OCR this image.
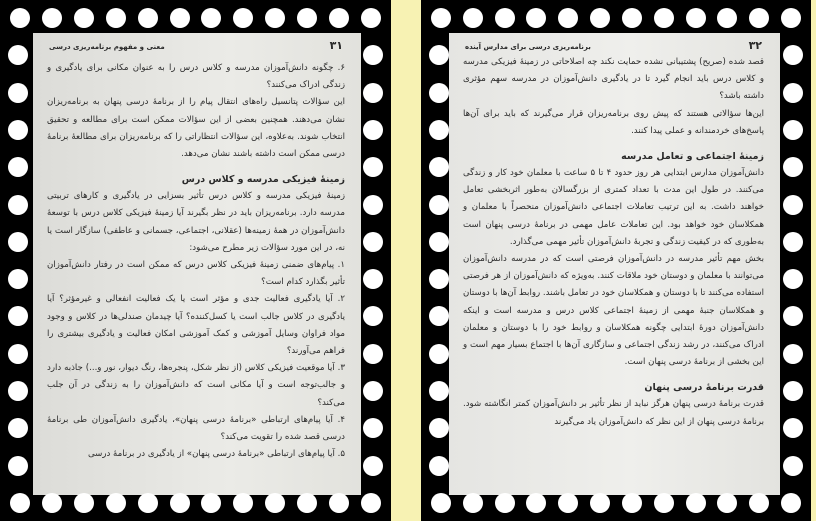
۳۱
معنی و مفهوم برنامه‌ریزی درسی

۶. چگونه دانش‌آموزان مدرسه و کلاس درس را به عنوان مکانی برای یادگیری و زندگی ادراک می‌کنند؟

این سؤالات پتانسیل راه‌های انتقال پیام را از برنامهٔ درسی پنهان به برنامه‌ریزان نشان می‌دهند. همچنین بعضی از این سؤالات ممکن است برای مطالعه و تحقیق انتخاب شوند. به‌علاوه، این سؤالات انتظاراتی را که برنامه‌ریزان برای مطالعهٔ برنامهٔ درسی ممکن است داشته باشند نشان می‌دهد.

زمینهٔ فیزیکی مدرسه و کلاس درس

زمینهٔ فیزیکی مدرسه و کلاس درس تأثیر بسزایی در یادگیری و کارهای تربیتی مدرسه دارد. برنامه‌ریزان باید در نظر بگیرند آیا زمینهٔ فیزیکی کلاس درس با توسعهٔ دانش‌آموزان در همهٔ زمینه‌ها (عقلانی، اجتماعی، جسمانی و عاطفی) سازگار است یا نه، در این مورد سؤالات زیر مطرح می‌شود:

۱. پیام‌های ضمنی زمینهٔ فیزیکی کلاس درس که ممکن است در رفتار دانش‌آموزان تأثیر بگذارد کدام است؟

۲. آیا یادگیری فعالیت جدی و مؤثر است یا یک فعالیت انفعالی و غیرمؤثر؟ آیا یادگیری در کلاس جالب است یا کسل‌کننده؟ آیا چیدمان صندلی‌ها در کلاس و وجود مواد فراوان وسایل آموزشی و کمک آموزشی امکان فعالیت و یادگیری بیشتری را فراهم می‌آورند؟

۳. آیا موقعیت فیزیکی کلاس (از نظر شکل، پنجره‌ها، رنگ دیوار، نور و...) جاذبه دارد و جالب‌توجه است و آیا مکانی است که دانش‌آموزان را به زندگی در آن جلب می‌کند؟

۴. آیا پیام‌های ارتباطی «برنامهٔ درسی پنهان»، یادگیری دانش‌آموزان طی برنامهٔ درسی قصد شده را تقویت می‌کند؟

۵. آیا پیام‌های ارتباطی «برنامهٔ درسی پنهان» از یادگیری در برنامهٔ درسی

۳۲
برنامه‌ریزی درسی برای مدارس آینده

قصد شده (صریح) پشتیبانی نشده حمایت نکند چه اصلاحاتی در زمینهٔ فیزیکی مدرسه و کلاس درس باید انجام گیرد تا در یادگیری دانش‌آموزان در مدرسه سهم مؤثری داشته باشد؟

این‌ها سؤالاتی هستند که پیش روی برنامه‌ریزان قرار می‌گیرند که باید برای آن‌ها پاسخ‌های خردمندانه و عملی پیدا کنند.

زمینهٔ اجتماعی و تعامل مدرسه

دانش‌آموزان مدارس ابتدایی هر روز حدود ۴ تا ۵ ساعت با معلمان خود کار و زندگی می‌کنند. در طول این مدت با تعداد کمتری از بزرگسالان به‌طور اثربخشی تعامل خواهند داشت. به این ترتیب تعاملات اجتماعی دانش‌آموزان منحصراً با معلمان و همکلاسان خود خواهد بود. این تعاملات عامل مهمی در برنامهٔ درسی پنهان است به‌طوری که در کیفیت زندگی و تجربهٔ دانش‌آموزان تأثیر مهمی می‌گذارد.

بخش مهم تأثیر مدرسه در دانش‌آموزان فرصتی است که در مدرسه دانش‌آموزان می‌توانند با معلمان و دوستان خود ملاقات کنند. به‌ویژه که دانش‌آموزان از هر فرصتی استفاده می‌کنند تا با دوستان و همکلاسان خود در تعامل باشند. روابط آن‌ها با دوستان و همکلاسان جنبهٔ مهمی از زمینهٔ اجتماعی کلاس درس و مدرسه است و اینکه دانش‌آموزان دورهٔ ابتدایی چگونه همکلاسان و روابط خود را با دوستان و معلمان ادراک می‌کنند، در رشد زندگی اجتماعی و سازگاری آن‌ها با اجتماع بسیار مهم است و این بخشی از برنامهٔ درسی پنهان است.

قدرت برنامهٔ درسی پنهان

قدرت برنامهٔ درسی پنهان هرگز نباید از نظر تأثیر بر دانش‌آموزان کمتر انگاشته شود. برنامهٔ درسی پنهان از این نظر که دانش‌آموزان یاد می‌گیرند
